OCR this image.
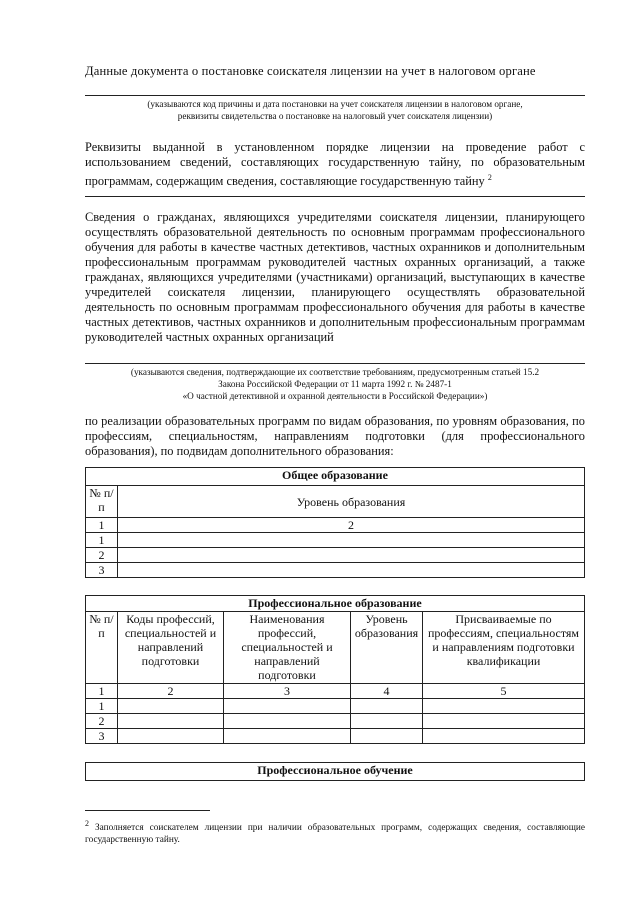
Данные документа о постановке соискателя лицензии на учет в налоговом органе

(указываются код причины и дата постановки на учет соискателя лицензии в налоговом органе,

реквизиты свидетельства о постановке на налоговый учет соискателя лицензии)

Реквизиты выданной в установленном порядке лицензии на проведение работ с использованием сведений, составляющих государственную тайну, по образовательным программам, содержащим сведения, составляющие государственную тайну $^2$

Сведения о гражданах, являющихся учредителями соискателя лицензии, планирующего осуществлять образовательной деятельность по основным программам профессионального обучения для работы в качестве частных детективов, частных охранников и дополнительным профессиональным программам руководителей частных охранных организаций, а также гражданах, являющихся учредителями (участниками) организаций, выступающих в качестве учредителей соискателя лицензии, планирующего осуществлять образовательной деятельность по основным программам профессионального обучения для работы в качестве частных детективов, частных охранников и дополнительным профессиональным программам руководителей частных охранных организаций

(указываются сведения, подтверждающие их соответствие требованиям, предусмотренным статьей 15.2

Закона Российской Федерации от 11 марта 1992 г. № 2487-1

«О частной детективной и охранной деятельности в Российской Федерации»)

по реализации образовательных программ по видам образования, по уровням образования, по профессиям, специальностям, направлениям подготовки (для профессионального образования), по подвидам дополнительного образования:

Общее образование	
№ п/п	Уровень образования
1	2
1	
2	
3	
Профессиональное образование				
№ п/п	Коды профессий, специальностей и направлений подготовки	Наименования профессий, специальностей и направлений подготовки	Уровень образования	Присваиваемые по профессиям, специальностям и направлениям подготовки квалификации
1	2	3	4	5
1				
2				
3				
Профессиональное обучение

$^2$ Заполняется соискателем лицензии при наличии образовательных программ, содержащих сведения, составляющие государственную тайну.
